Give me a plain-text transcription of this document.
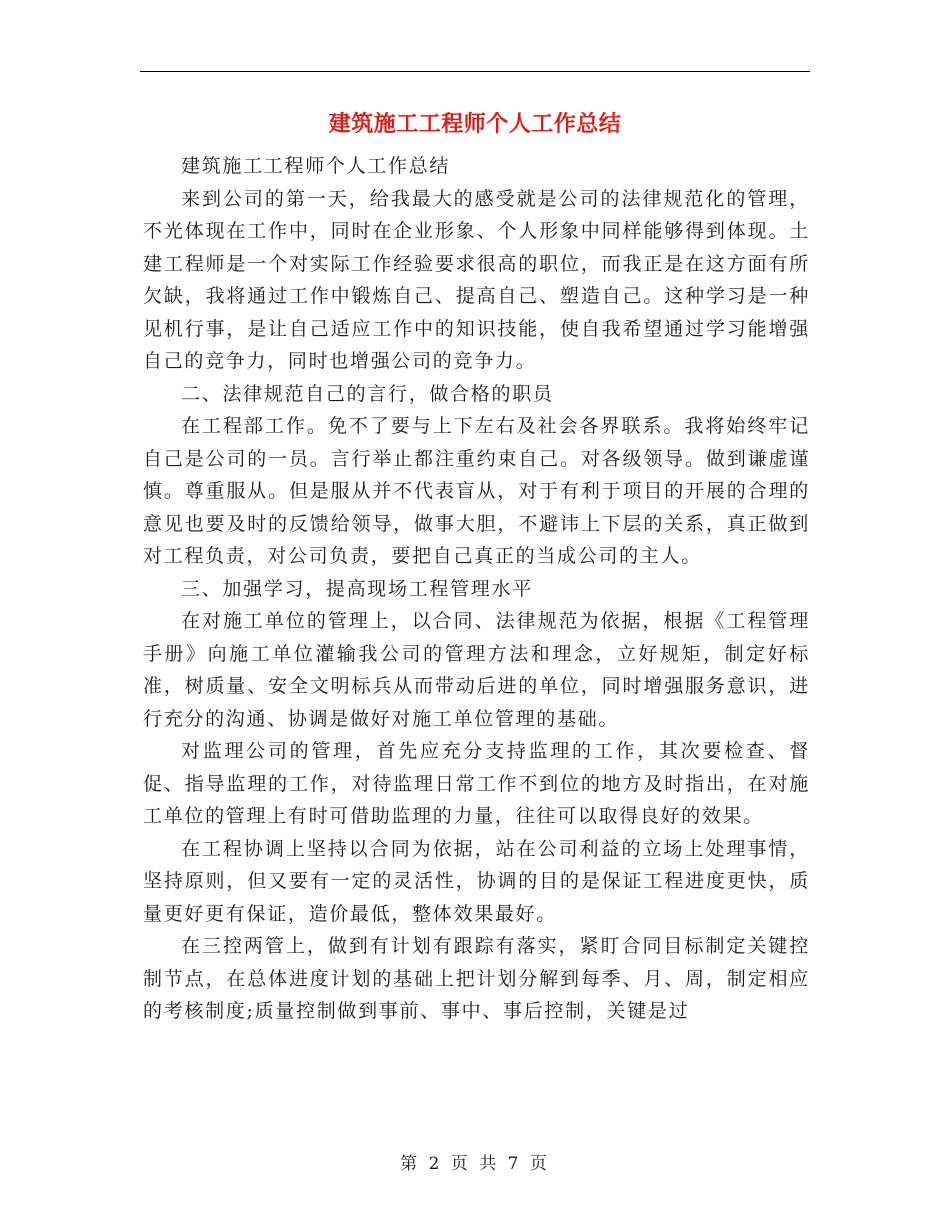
建筑施工工程师个人工作总结

建筑施工工程师个人工作总结

来到公司的第一天，给我最大的感受就是公司的法律规范化的管理，不光体现在工作中，同时在企业形象、个人形象中同样能够得到体现。土建工程师是一个对实际工作经验要求很高的职位，而我正是在这方面有所欠缺，我将通过工作中锻炼自己、提高自己、塑造自己。这种学习是一种见机行事，是让自己适应工作中的知识技能，使自我希望通过学习能增强自己的竞争力，同时也增强公司的竞争力。

二、法律规范自己的言行，做合格的职员

在工程部工作。免不了要与上下左右及社会各界联系。我将始终牢记自己是公司的一员。言行举止都注重约束自己。对各级领导。做到谦虚谨慎。尊重服从。但是服从并不代表盲从，对于有利于项目的开展的合理的意见也要及时的反馈给领导，做事大胆，不避讳上下层的关系，真正做到对工程负责，对公司负责，要把自己真正的当成公司的主人。

三、加强学习，提高现场工程管理水平

在对施工单位的管理上，以合同、法律规范为依据，根据《工程管理手册》向施工单位灌输我公司的管理方法和理念，立好规矩，制定好标准，树质量、安全文明标兵从而带动后进的单位，同时增强服务意识，进行充分的沟通、协调是做好对施工单位管理的基础。

对监理公司的管理，首先应充分支持监理的工作，其次要检查、督促、指导监理的工作，对待监理日常工作不到位的地方及时指出，在对施工单位的管理上有时可借助监理的力量，往往可以取得良好的效果。

在工程协调上坚持以合同为依据，站在公司利益的立场上处理事情，坚持原则，但又要有一定的灵活性，协调的目的是保证工程进度更快，质量更好更有保证，造价最低，整体效果最好。

在三控两管上，做到有计划有跟踪有落实，紧盯合同目标制定关键控制节点，在总体进度计划的基础上把计划分解到每季、月、周，制定相应的考核制度;质量控制做到事前、事中、事后控制，关键是过

第 2 页 共 7 页
